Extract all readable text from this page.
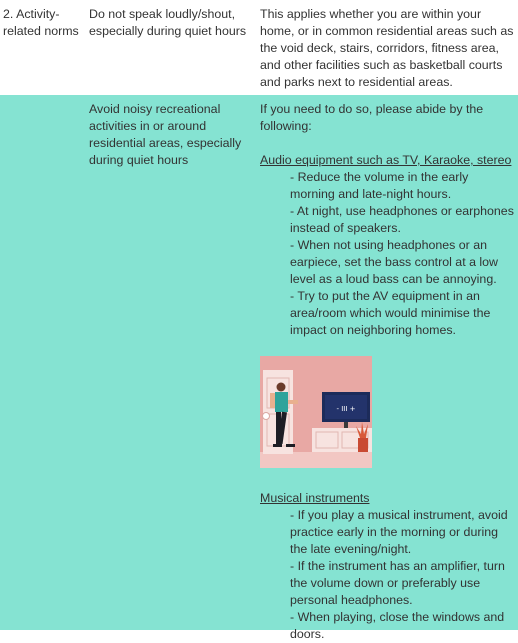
2. Activity-related norms

Do not speak loudly/shout, especially during quiet hours

This applies whether you are within your home, or in common residential areas such as the void deck, stairs, corridors, fitness area, and other facilities such as basketball courts and parks next to residential areas.

Avoid noisy recreational activities in or around residential areas, especially during quiet hours

If you need to do so, please abide by the following:

Audio equipment such as TV, Karaoke, stereo

- Reduce the volume in the early morning and late-night hours.

- At night, use headphones or earphones instead of speakers.

- When not using headphones or an earpiece, set the bass control at a low level as a loud bass can be annoying.

- Try to put the AV equipment in an area/room which would minimise the impact on neighboring homes.

- III +
Musical instruments

- If you play a musical instrument, avoid practice early in the morning or during the late evening/night.

- If the instrument has an amplifier, turn the volume down or preferably use personal headphones.

- When playing, close the windows and doors.
